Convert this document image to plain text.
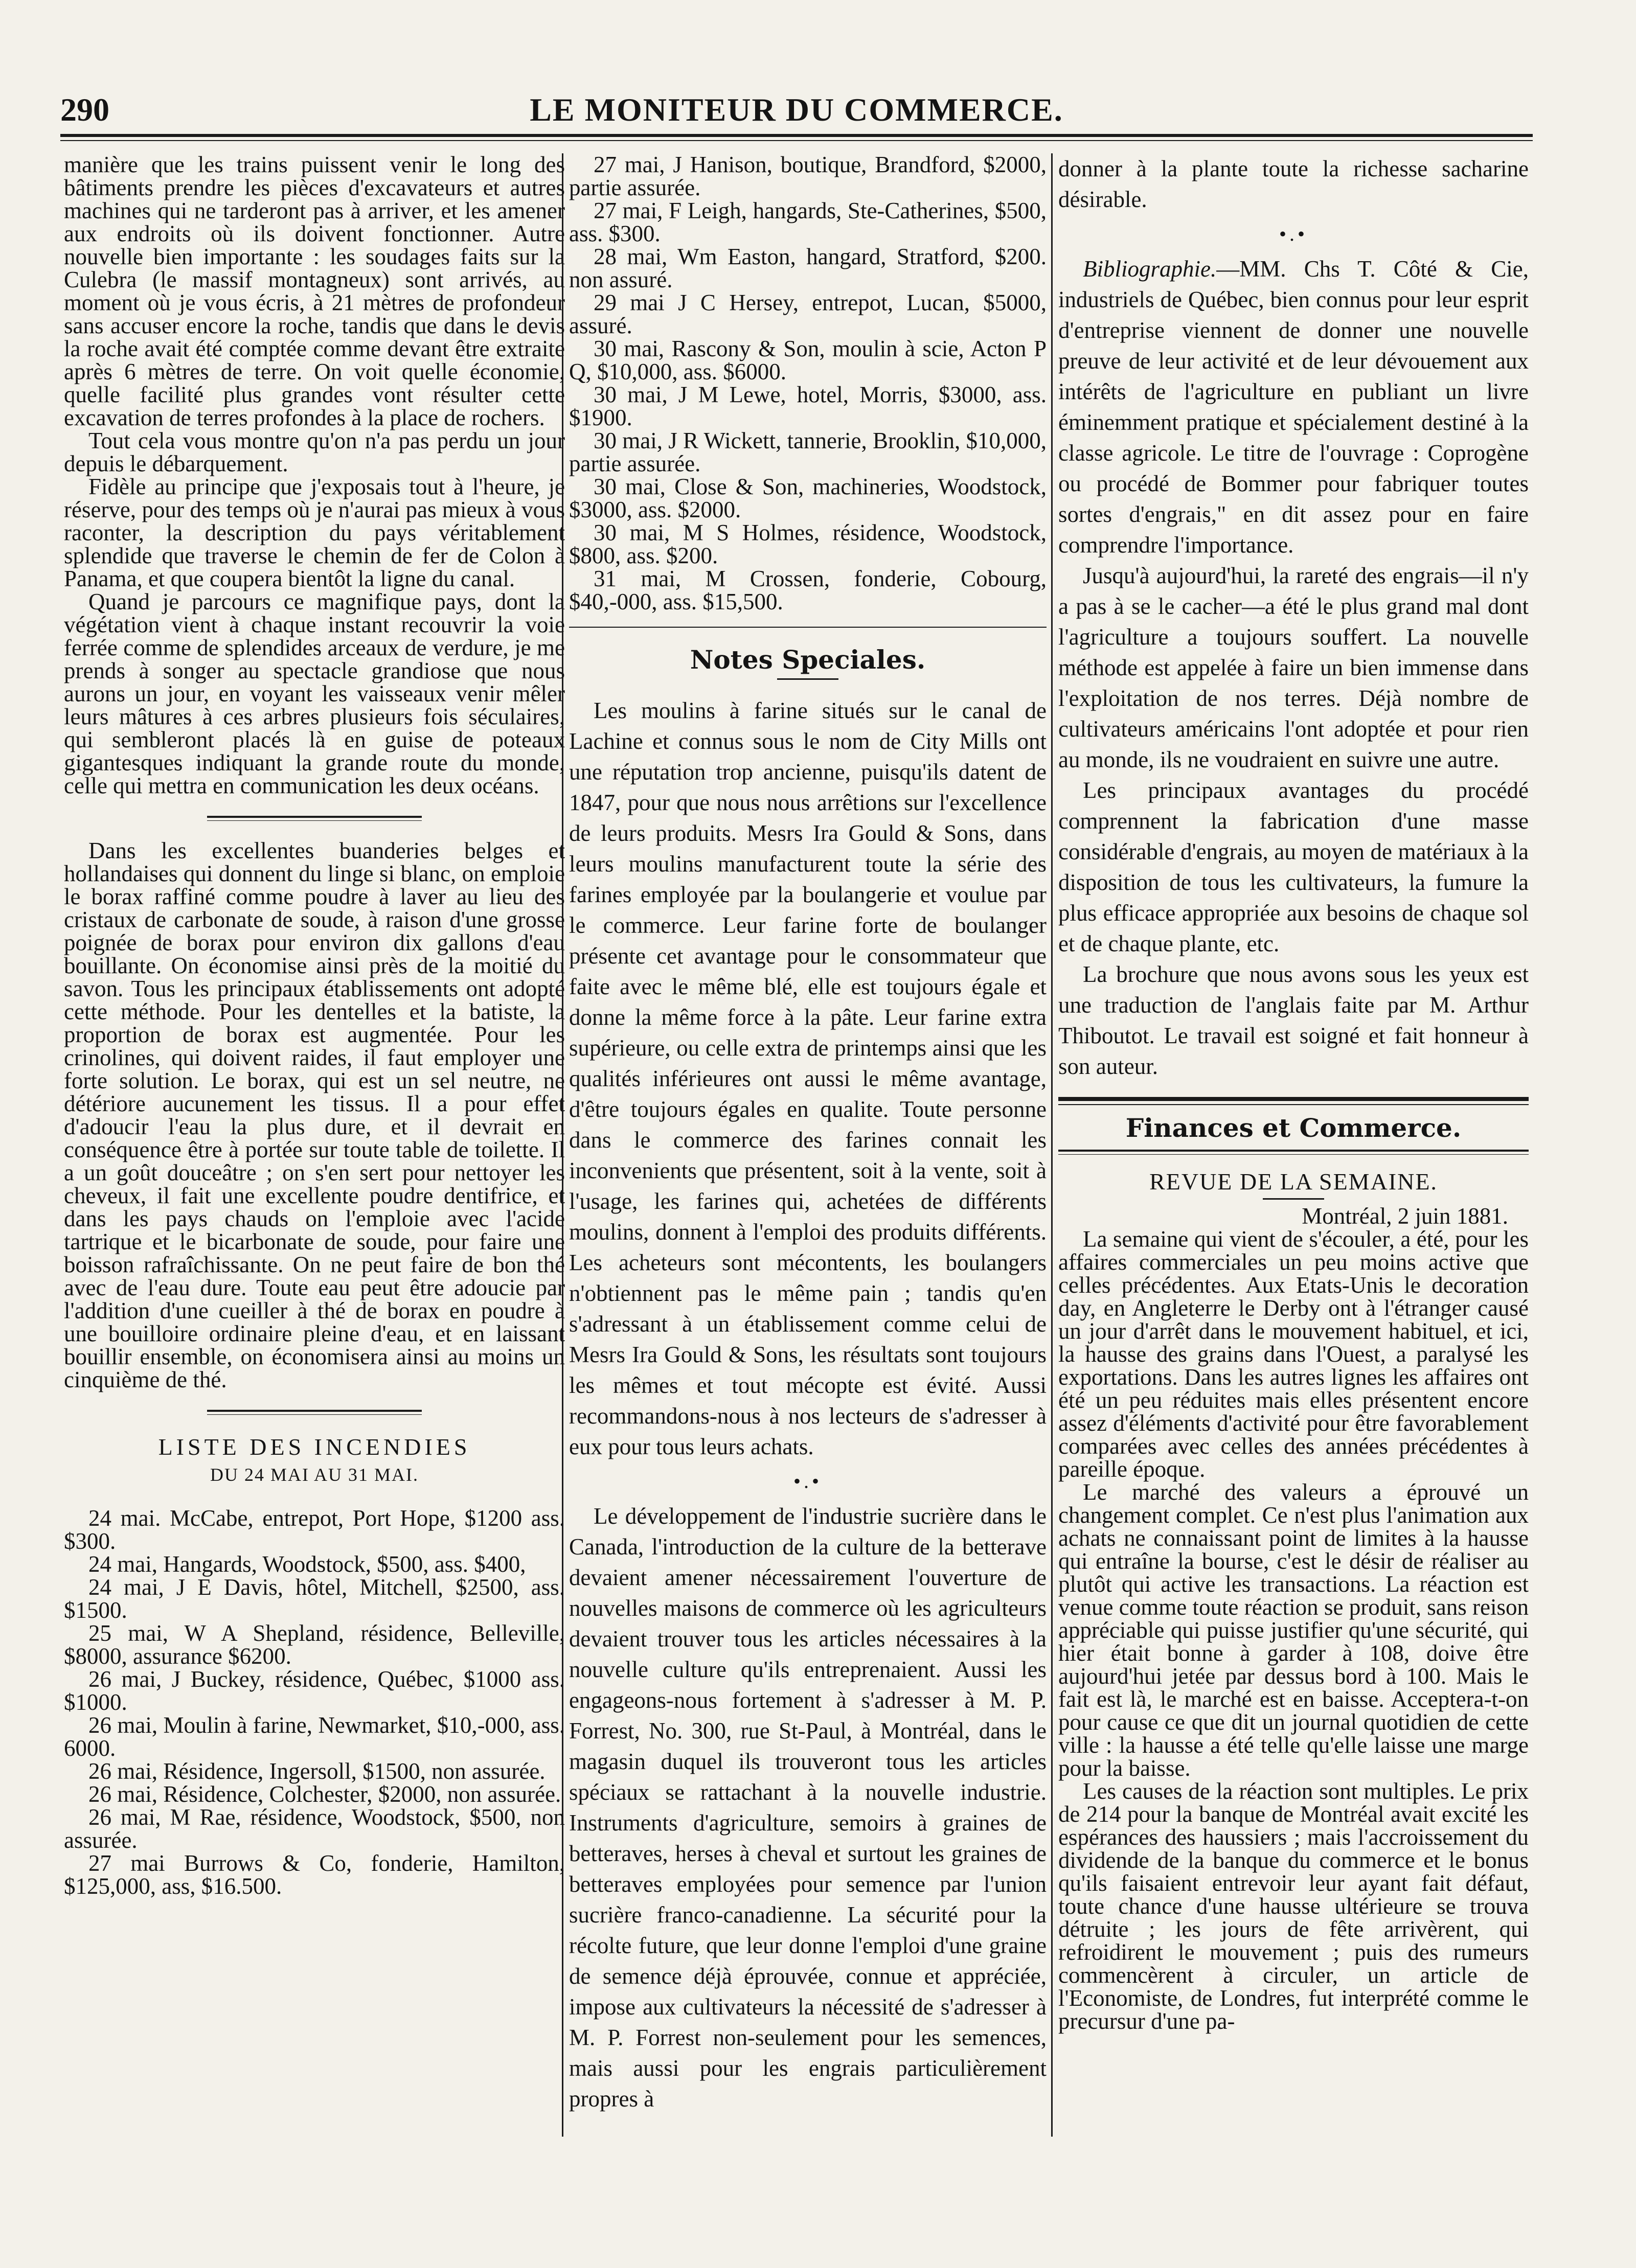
290	LE MONITEUR DU COMMERCE.

manière que les trains puissent venir le long des bâtiments prendre les pièces d'excavateurs et autres machines qui ne tarderont pas à arriver, et les amener aux endroits où ils doivent fonctionner. Autre nouvelle bien importante : les soudages faits sur la Culebra (le massif montagneux) sont arrivés, au moment où je vous écris, à 21 mètres de profondeur sans accuser encore la roche, tandis que dans le devis la roche avait été comptée comme devant être extraite après 6 mètres de terre. On voit quelle économie, quelle facilité plus grandes vont résulter cette excavation de terres profondes à la place de rochers.

Tout cela vous montre qu'on n'a pas perdu un jour depuis le débarquement.

Fidèle au principe que j'exposais tout à l'heure, je réserve, pour des temps où je n'aurai pas mieux à vous raconter, la description du pays véritablement splendide que traverse le chemin de fer de Colon à Panama, et que coupera bientôt la ligne du canal.

Quand je parcours ce magnifique pays, dont la végétation vient à chaque instant recouvrir la voie ferrée comme de splendides arceaux de verdure, je me prends à songer au spectacle grandiose que nous aurons un jour, en voyant les vaisseaux venir mêler leurs mâtures à ces arbres plusieurs fois séculaires, qui sembleront placés là en guise de poteaux gigantesques indiquant la grande route du monde, celle qui mettra en communication les deux océans.

Dans les excellentes buanderies belges et hollandaises qui donnent du linge si blanc, on emploie le borax raffiné comme poudre à laver au lieu des cristaux de carbonate de soude, à raison d'une grosse poignée de borax pour environ dix gallons d'eau bouillante. On économise ainsi près de la moitié du savon. Tous les principaux établissements ont adopté cette méthode. Pour les dentelles et la batiste, la proportion de borax est augmentée. Pour les crinolines, qui doivent raides, il faut employer une forte solution. Le borax, qui est un sel neutre, ne détériore aucunement les tissus. Il a pour effet d'adoucir l'eau la plus dure, et il devrait en conséquence être à portée sur toute table de toilette. Il a un goût douceâtre ; on s'en sert pour nettoyer les cheveux, il fait une excellente poudre dentifrice, et dans les pays chauds on l'emploie avec l'acide tartrique et le bicarbonate de soude, pour faire une boisson rafraîchissante. On ne peut faire de bon thé avec de l'eau dure. Toute eau peut être adoucie par l'addition d'une cueiller à thé de borax en poudre à une bouilloire ordinaire pleine d'eau, et en laissant bouillir ensemble, on économisera ainsi au moins un cinquième de thé.

LISTE DES INCENDIES
DU 24 MAI AU 31 MAI.

24 mai. McCabe, entrepot, Port Hope, $1200 ass. $300.

24 mai, Hangards, Woodstock, $500, ass. $400,

24 mai, J E Davis, hôtel, Mitchell, $2500, ass. $1500.

25 mai, W A Shepland, résidence, Belleville, $8000, assurance $6200.

26 mai, J Buckey, résidence, Québec, $1000 ass. $1000.

26 mai, Moulin à farine, Newmarket, $10,-000, ass. 6000.

26 mai, Résidence, Ingersoll, $1500, non assurée.

26 mai, Résidence, Colchester, $2000, non assurée.

26 mai, M Rae, résidence, Woodstock, $500, non assurée.

27 mai Burrows & Co, fonderie, Hamilton, $125,000, ass, $16.500.

27 mai, J Hanison, boutique, Brandford, $2000, partie assurée.

27 mai, F Leigh, hangards, Ste-Catherines, $500, ass. $300.

28 mai, Wm Easton, hangard, Stratford, $200. non assuré.

29 mai J C Hersey, entrepot, Lucan, $5000, assuré.

30 mai, Rascony & Son, moulin à scie, Acton P Q, $10,000, ass. $6000.

30 mai, J M Lewe, hotel, Morris, $3000, ass. $1900.

30 mai, J R Wickett, tannerie, Brooklin, $10,000, partie assurée.

30 mai, Close & Son, machineries, Woodstock, $3000, ass. $2000.

30 mai, M S Holmes, résidence, Woodstock, $800, ass. $200.

31 mai, M Crossen, fonderie, Cobourg, $40,-000, ass. $15,500.

Notes Speciales.

Les moulins à farine situés sur le canal de Lachine et connus sous le nom de City Mills ont une réputation trop ancienne, puisqu'ils datent de 1847, pour que nous nous arrêtions sur l'excellence de leurs produits. Mesrs Ira Gould & Sons, dans leurs moulins manufacturent toute la série des farines employée par la boulangerie et voulue par le commerce. Leur farine forte de boulanger présente cet avantage pour le consommateur que faite avec le même blé, elle est toujours égale et donne la même force à la pâte. Leur farine extra supérieure, ou celle extra de printemps ainsi que les qualités inférieures ont aussi le même avantage, d'être toujours égales en qualite. Toute personne dans le commerce des farines connait les inconvenients que présentent, soit à la vente, soit à l'usage, les farines qui, achetées de différents moulins, donnent à l'emploi des produits différents. Les acheteurs sont mécontents, les boulangers n'obtiennent pas le même pain ; tandis qu'en s'adressant à un établissement comme celui de Mesrs Ira Gould & Sons, les résultats sont toujours les mêmes et tout mécopte est évité. Aussi recommandons-nous à nos lecteurs de s'adresser à eux pour tous leurs achats.

•.•

Le développement de l'industrie sucrière dans le Canada, l'introduction de la culture de la betterave devaient amener nécessairement l'ouverture de nouvelles maisons de commerce où les agriculteurs devaient trouver tous les articles nécessaires à la nouvelle culture qu'ils entreprenaient. Aussi les engageons-nous fortement à s'adresser à M. P. Forrest, No. 300, rue St-Paul, à Montréal, dans le magasin duquel ils trouveront tous les articles spéciaux se rattachant à la nouvelle industrie. Instruments d'agriculture, semoirs à graines de betteraves, herses à cheval et surtout les graines de betteraves employées pour semence par l'union sucrière franco-canadienne. La sécurité pour la récolte future, que leur donne l'emploi d'une graine de semence déjà éprouvée, connue et appréciée, impose aux cultivateurs la nécessité de s'adresser à M. P. Forrest non-seulement pour les semences, mais aussi pour les engrais particulièrement propres à

donner à la plante toute la richesse sacharine désirable.

•.•

Bibliographie.—MM. Chs T. Côté & Cie, industriels de Québec, bien connus pour leur esprit d'entreprise viennent de donner une nouvelle preuve de leur activité et de leur dévouement aux intérêts de l'agriculture en publiant un livre éminemment pratique et spécialement destiné à la classe agricole. Le titre de l'ouvrage : Coprogène ou procédé de Bommer pour fabriquer toutes sortes d'engrais," en dit assez pour en faire comprendre l'importance.

Jusqu'à aujourd'hui, la rareté des engrais—il n'y a pas à se le cacher—a été le plus grand mal dont l'agriculture a toujours souffert. La nouvelle méthode est appelée à faire un bien immense dans l'exploitation de nos terres. Déjà nombre de cultivateurs américains l'ont adoptée et pour rien au monde, ils ne voudraient en suivre une autre.

Les principaux avantages du procédé comprennent la fabrication d'une masse considérable d'engrais, au moyen de matériaux à la disposition de tous les cultivateurs, la fumure la plus efficace appropriée aux besoins de chaque sol et de chaque plante, etc.

La brochure que nous avons sous les yeux est une traduction de l'anglais faite par M. Arthur Thiboutot. Le travail est soigné et fait honneur à son auteur.

Finances et Commerce.
REVUE DE LA SEMAINE.

Montréal, 2 juin 1881.

La semaine qui vient de s'écouler, a été, pour les affaires commerciales un peu moins active que celles précédentes. Aux Etats-Unis le decoration day, en Angleterre le Derby ont à l'étranger causé un jour d'arrêt dans le mouvement habituel, et ici, la hausse des grains dans l'Ouest, a paralysé les exportations. Dans les autres lignes les affaires ont été un peu réduites mais elles présentent encore assez d'éléments d'activité pour être favorablement comparées avec celles des années précédentes à pareille époque.

Le marché des valeurs a éprouvé un changement complet. Ce n'est plus l'animation aux achats ne connaissant point de limites à la hausse qui entraîne la bourse, c'est le désir de réaliser au plutôt qui active les transactions. La réaction est venue comme toute réaction se produit, sans reison appréciable qui puisse justifier qu'une sécurité, qui hier était bonne à garder à 108, doive être aujourd'hui jetée par dessus bord à 100. Mais le fait est là, le marché est en baisse. Acceptera-t-on pour cause ce que dit un journal quotidien de cette ville : la hausse a été telle qu'elle laisse une marge pour la baisse.

Les causes de la réaction sont multiples. Le prix de 214 pour la banque de Montréal avait excité les espérances des haussiers ; mais l'accroissement du dividende de la banque du commerce et le bonus qu'ils faisaient entrevoir leur ayant fait défaut, toute chance d'une hausse ultérieure se trouva détruite ; les jours de fête arrivèrent, qui refroidirent le mouvement ; puis des rumeurs commencèrent à circuler, un article de l'Economiste, de Londres, fut interprété comme le precursur d'une pa-
